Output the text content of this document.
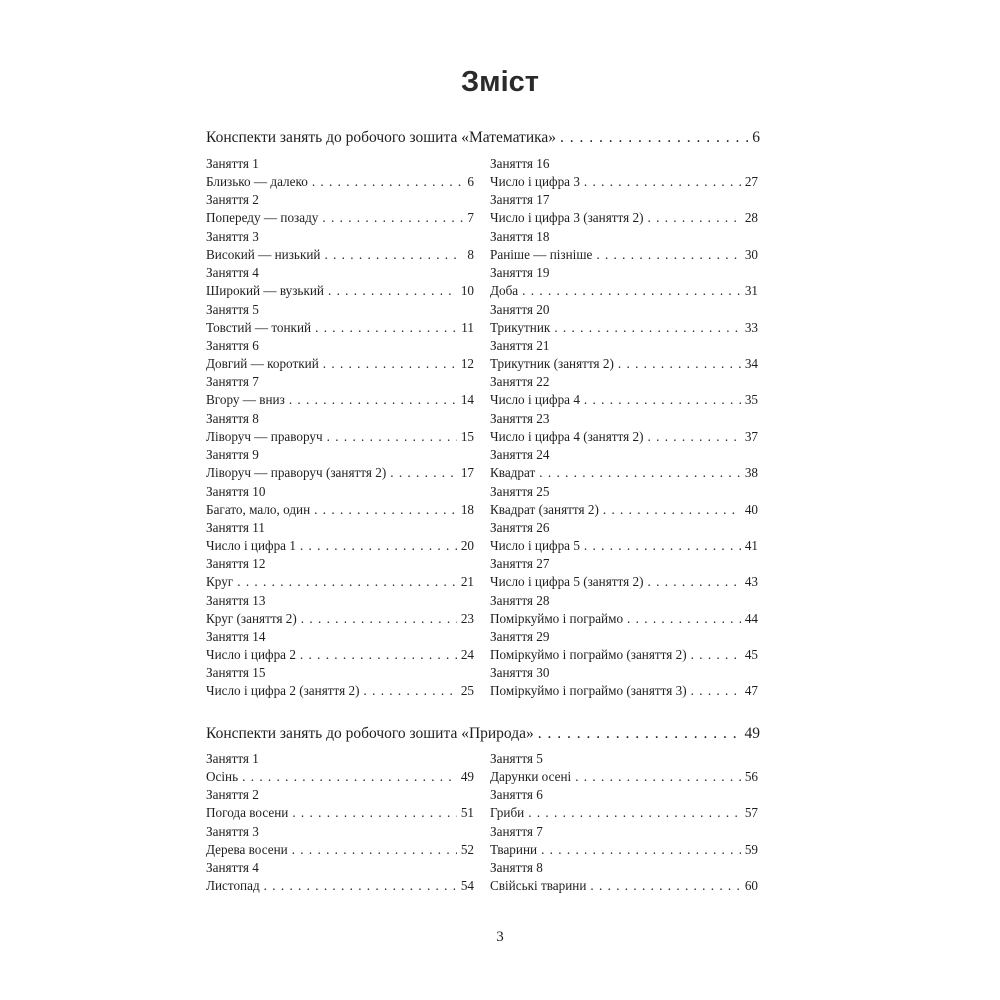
Зміст
Конспекти занять до робочого зошита «Математика» . . .	6
Заняття 1
Близько — далеко . . .	6
Заняття 2
Попереду — позаду . . .	7
Заняття 3
Високий — низький . . .	8
Заняття 4
Широкий — вузький . . .	10
Заняття 5
Товстий — тонкий . . .	11
Заняття 6
Довгий — короткий . . .	12
Заняття 7
Вгору — вниз . . .	14
Заняття 8
Ліворуч — праворуч . . .	15
Заняття 9
Ліворуч — праворуч (заняття 2) . . .	17
Заняття 10
Багато, мало, один . . .	18
Заняття 11
Число і цифра 1 . . .	20
Заняття 12
Круг . . .	21
Заняття 13
Круг (заняття 2) . . .	23
Заняття 14
Число і цифра 2 . . .	24
Заняття 15
Число і цифра 2 (заняття 2) . . .	25
Заняття 16
Число і цифра 3 . . .	27
Заняття 17
Число і цифра 3 (заняття 2) . . .	28
Заняття 18
Раніше — пізніше . . .	30
Заняття 19
Доба . . .	31
Заняття 20
Трикутник . . .	33
Заняття 21
Трикутник (заняття 2) . . .	34
Заняття 22
Число і цифра 4 . . .	35
Заняття 23
Число і цифра 4 (заняття 2) . . .	37
Заняття 24
Квадрат . . .	38
Заняття 25
Квадрат (заняття 2) . . .	40
Заняття 26
Число і цифра 5 . . .	41
Заняття 27
Число і цифра 5 (заняття 2) . . .	43
Заняття 28
Поміркуймо і пограймо . . .	44
Заняття 29
Поміркуймо і пограймо (заняття 2) . . .	45
Заняття 30
Поміркуймо і пограймо (заняття 3) . . .	47
Конспекти занять до робочого зошита «Природа» . . .	49
Заняття 1
Осінь . . .	49
Заняття 2
Погода восени . . .	51
Заняття 3
Дерева восени . . .	52
Заняття 4
Листопад . . .	54
Заняття 5
Дарунки осені . . .	56
Заняття 6
Гриби . . .	57
Заняття 7
Тварини . . .	59
Заняття 8
Свійські тварини . . .	60
3
